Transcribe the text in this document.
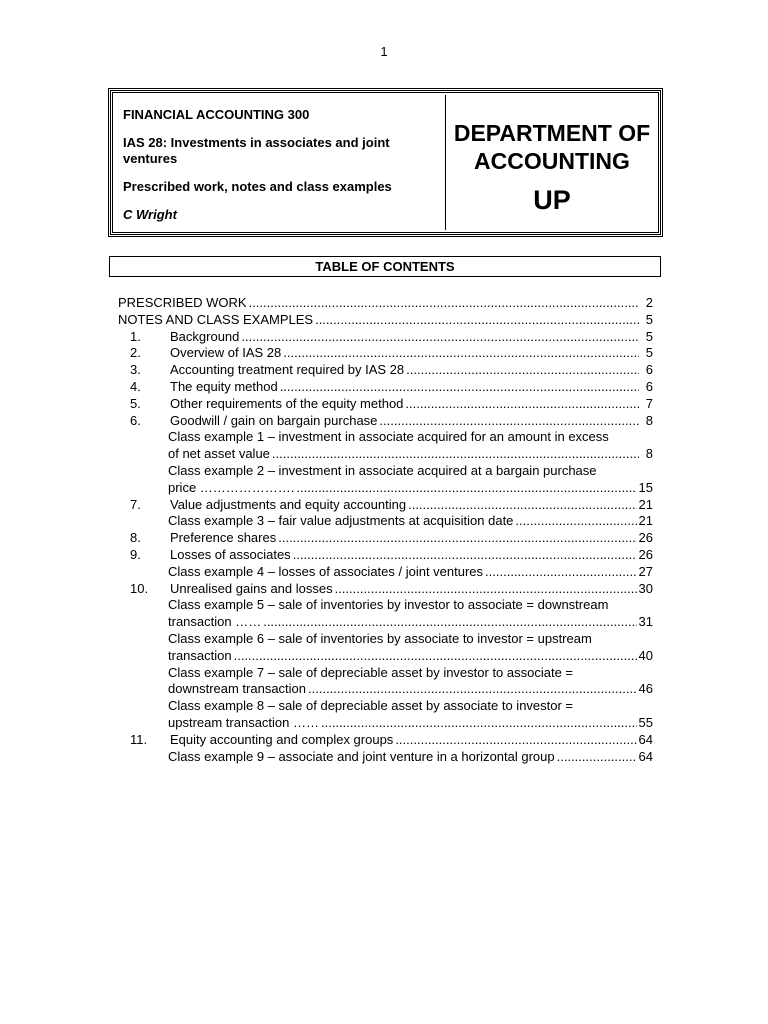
1
FINANCIAL ACCOUNTING 300
IAS 28: Investments in associates and joint ventures
Prescribed work, notes and class examples
C Wright
DEPARTMENT OF
ACCOUNTING
UP
TABLE OF CONTENTS
PRESCRIBED WORK .....	2
NOTES AND CLASS EXAMPLES .....	5
1.	Background .....	5
2.	Overview of IAS 28 .....	5
3.	Accounting treatment required by IAS 28 .....	6
4.	The equity method .....	6
5.	Other requirements of the equity method .....	7
6.	Goodwill / gain on bargain purchase .....	8
Class example 1 – investment in associate acquired for an amount in excess
of net asset value .....	8
Class example 2 – investment in associate acquired at a bargain purchase
price …………………. .....	15
7.	Value adjustments and equity accounting .....	21
Class example 3 – fair value adjustments at acquisition date .....	21
8.	Preference shares .....	26
9.	Losses of associates .....	26
Class example 4 – losses of associates / joint ventures .....	27
10.	Unrealised gains and losses .....	30
Class example 5 – sale of inventories by investor to associate = downstream
transaction …… .....	31
Class example 6 – sale of inventories by associate to investor = upstream
transaction .....	40
Class example 7 – sale of depreciable asset by investor to associate =
downstream transaction .....	46
Class example 8 – sale of depreciable asset by associate to investor =
upstream transaction …… .....	55
11.	Equity accounting and complex groups .....	64
Class example 9 – associate and joint venture in a horizontal group .....	64
